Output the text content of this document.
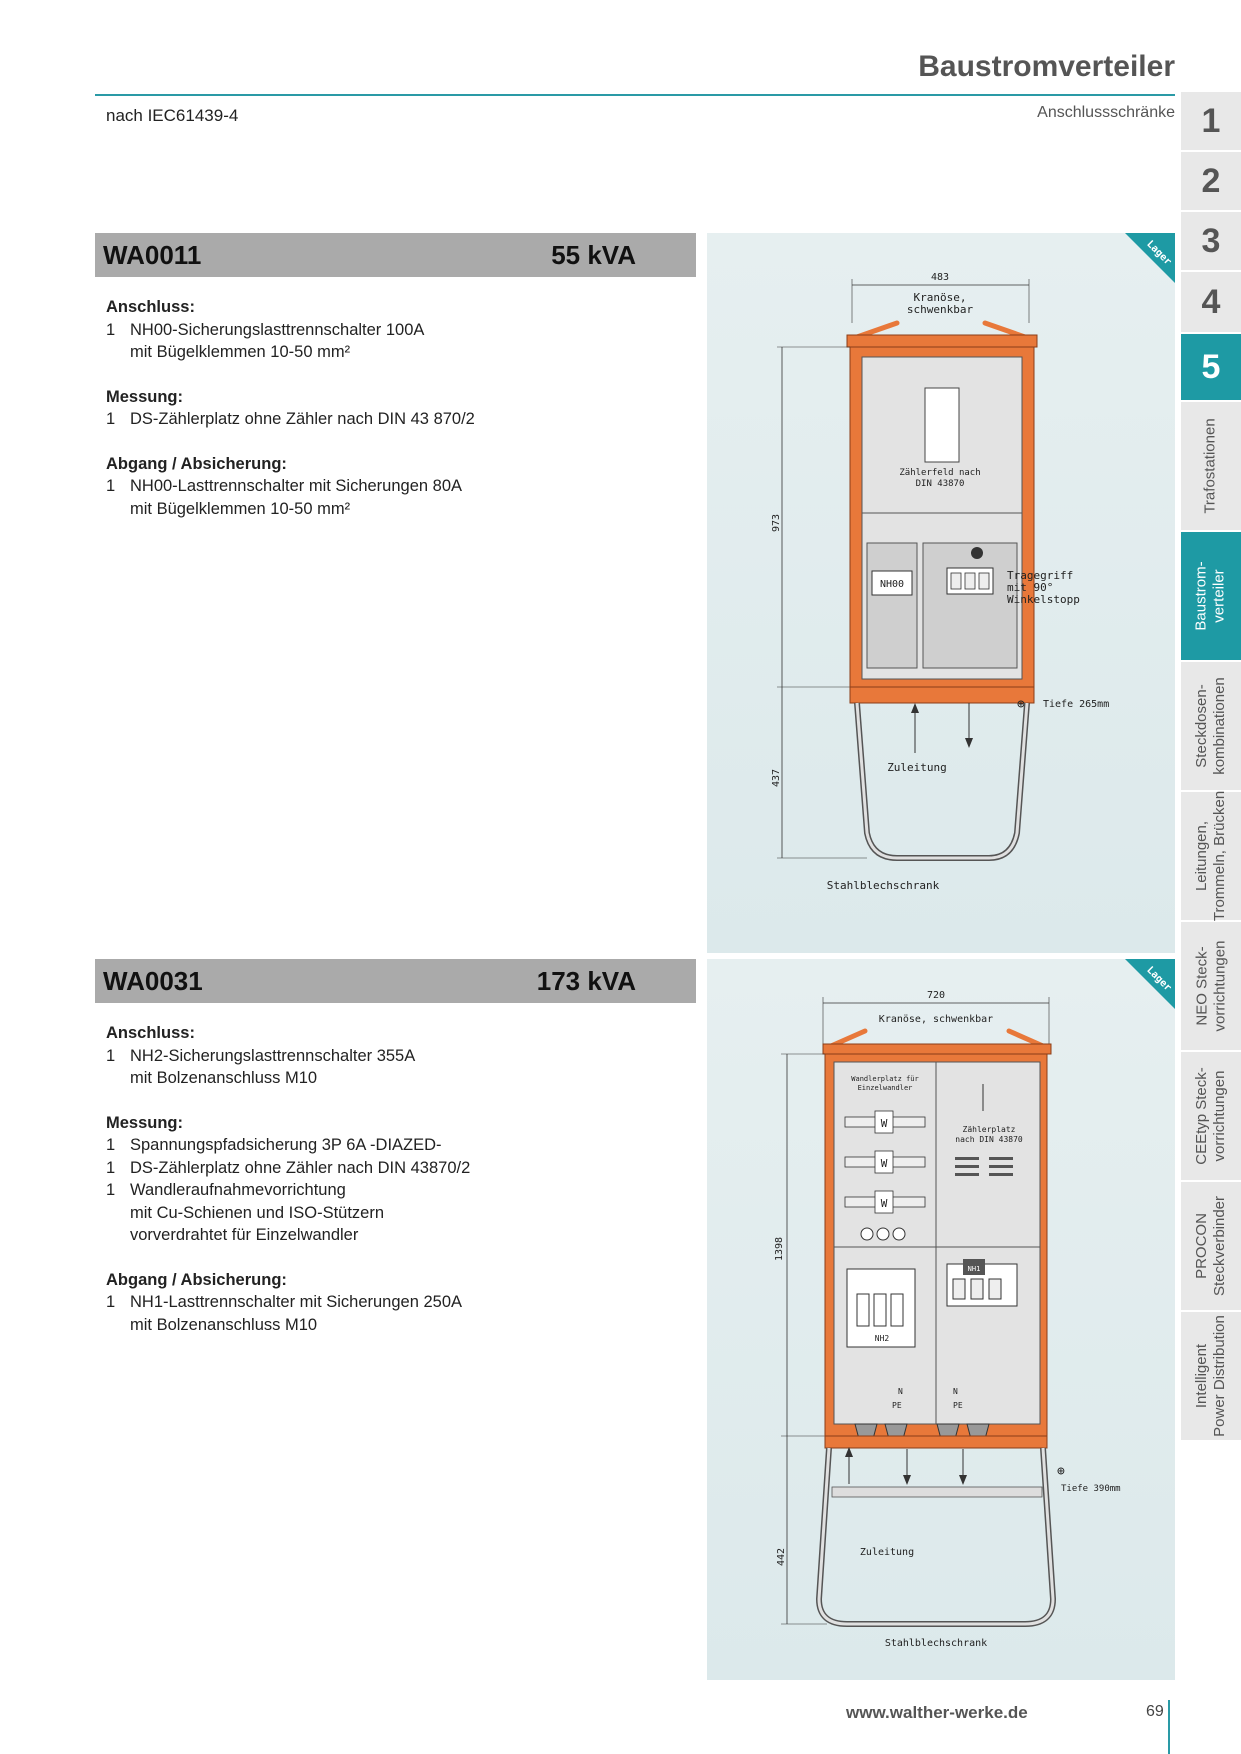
Baustromverteiler
nach IEC61439-4	Anschlussschränke 1
2
3
4
5
Trafostationen
Baustrom- verteiler
Steckdosen- kombinationen
Leitungen, Trommeln, Brücken
NEO Steck- vorrichtungen
CEEtyp Steck- vorrichtungen
PROCON Steckverbinder
Intelligent Power Distribution
WA0011	55 kVA
Anschluss:
1 NH00-Sicherungslasttrennschalter 100A
mit Bügelklemmen 10-50 mm²
Messung:
1 DS-Zählerplatz ohne Zähler nach DIN 43 870/2
Abgang / Absicherung:
1 NH00-Lasttrennschalter mit Sicherungen 80A
mit Bügelklemmen 10-50 mm²
Lager
483
Kranöse,
schwenkbar
Zählerfeld nach
DIN 43870
NH00
Tragegriff
mit 90°
Winkelstopp
973
⊕ Tiefe 265mm
Zuleitung
437
Stahlblechschrank
WA0031	173 kVA
Anschluss:
1 NH2-Sicherungslasttrennschalter 355A
mit Bolzenanschluss M10
Messung:
1 Spannungspfadsicherung 3P 6A -DIAZED-
1 DS-Zählerplatz ohne Zähler nach DIN 43870/2
1 Wandleraufnahmevorrichtung
mit Cu-Schienen und ISO-Stützern
vorverdrahtet für Einzelwandler
Abgang / Absicherung:
1 NH1-Lasttrennschalter mit Sicherungen 250A
mit Bolzenanschluss M10
Lager
720
Kranöse, schwenkbar
Wandlerplatz für
Einzelwandler
W
W
W
Zählerplatz
nach DIN 43870
NH2
NH1
N
PE
N
PE
1398
⊕
Tiefe 390mm
Zuleitung
442
Stahlblechschrank
www.walther-werke.de	69
